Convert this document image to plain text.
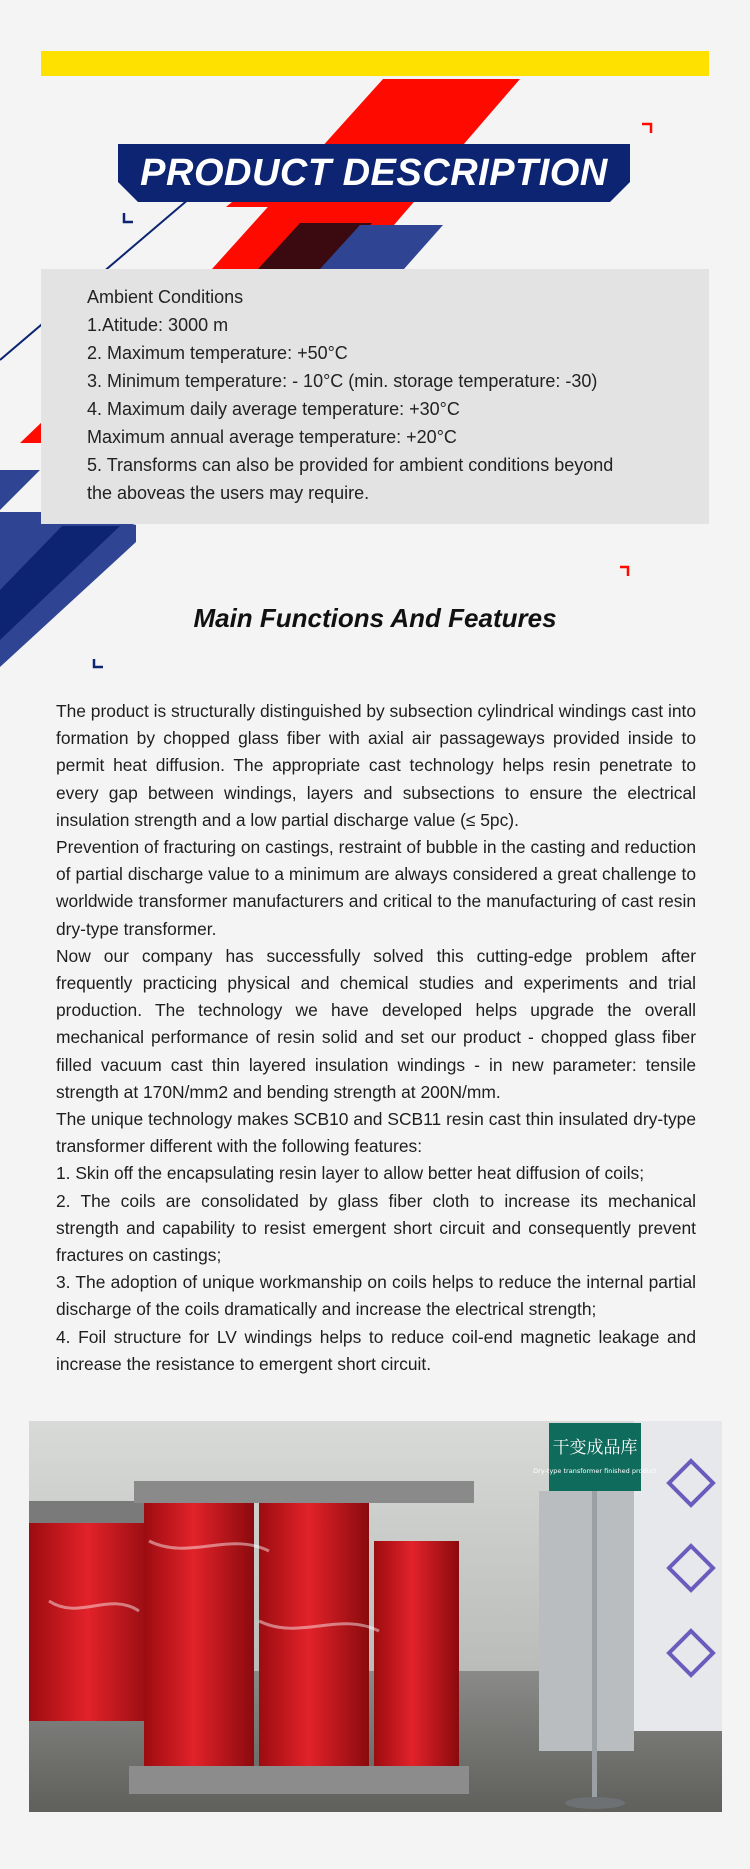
PRODUCT DESCRIPTION
Ambient Conditions
1.Atitude: 3000 m
2. Maximum temperature: +50°C
3. Minimum temperature: - 10°C (min. storage temperature: -30)
4. Maximum daily average temperature: +30°C
Maximum annual average temperature: +20°C
5. Transforms can also be provided for ambient conditions beyond
the aboveas the users may require.
Main Functions And Features

The product is structurally distinguished by subsection cylindrical windings cast into formation by chopped glass fiber with axial air passageways provided inside to permit heat diffusion. The appropriate cast technology helps resin penetrate to every gap between windings, layers and subsections to ensure the electrical insulation strength and a low partial discharge value (≤ 5pc).

Prevention of fracturing on castings, restraint of bubble in the casting and reduction of partial discharge value to a minimum are always considered a great challenge to worldwide transformer manufacturers and critical to the manufacturing of cast resin dry-type transformer.

Now our company has successfully solved this cutting-edge problem after frequently practicing physical and chemical studies and experiments and trial production. The technology we have developed helps upgrade the overall mechanical performance of resin solid and set our product - chopped glass fiber filled vacuum cast thin layered insulation windings - in new parameter: tensile strength at 170N/mm2 and bending strength at 200N/mm.

The unique technology makes SCB10 and SCB11 resin cast thin insulated dry-type transformer different with the following features:

1. Skin off the encapsulating resin layer to allow better heat diffusion of coils;

2. The coils are consolidated by glass fiber cloth to increase its mechanical strength and capability to resist emergent short circuit and consequently prevent fractures on castings;

3. The adoption of unique workmanship on coils helps to reduce the internal partial discharge of the coils dramatically and increase the electrical strength;

4. Foil structure for LV windings helps to reduce coil-end magnetic leakage and increase the resistance to emergent short circuit.

干变成品库
Dry-type transformer finished product
